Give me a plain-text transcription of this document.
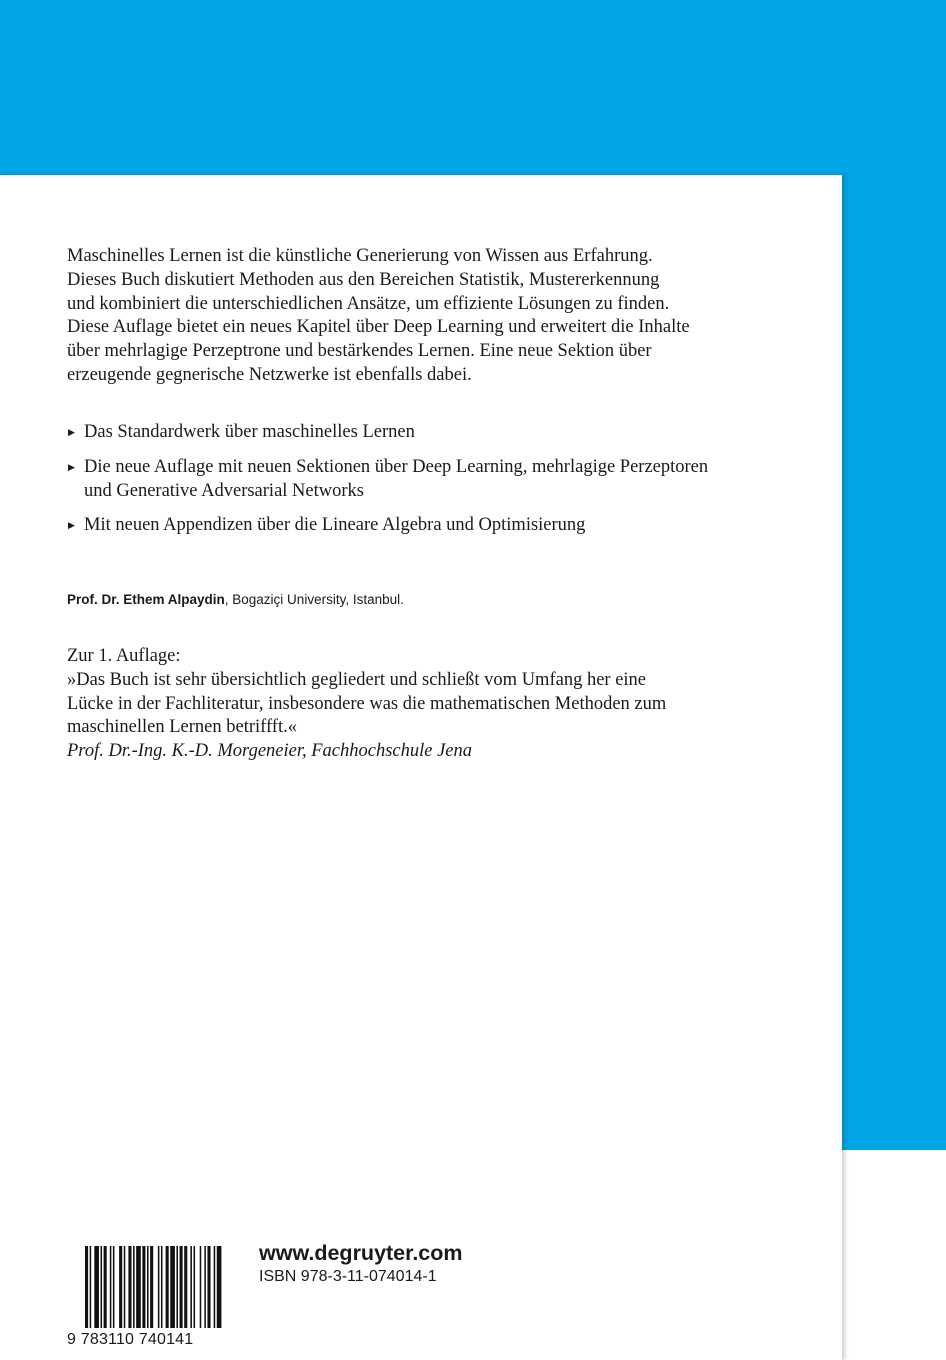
Maschinelles Lernen ist die künstliche Generierung von Wissen aus Erfahrung.

Dieses Buch diskutiert Methoden aus den Bereichen Statistik, Mustererkennung

und kombiniert die unterschiedlichen Ansätze, um effiziente Lösungen zu finden.

Diese Auflage bietet ein neues Kapitel über Deep Learning und erweitert die Inhalte

über mehrlagige Perzeptrone und bestärkendes Lernen. Eine neue Sektion über

erzeugende gegnerische Netzwerke ist ebenfalls dabei.

▶ Das Standardwerk über maschinelles Lernen
▶ Die neue Auflage mit neuen Sektionen über Deep Learning, mehrlagige Perzeptoren
und Generative Adversarial Networks
▶ Mit neuen Appendizen über die Lineare Algebra und Optimisierung
Prof. Dr. Ethem Alpaydin, Bogaziçi University, Istanbul.
Zur 1. Auflage:
»Das Buch ist sehr übersichtlich gegliedert und schließt vom Umfang her eine
Lücke in der Fachliteratur, insbesondere was die mathematischen Methoden zum
maschinellen Lernen betriffft.«
Prof. Dr.-Ing. K.-D. Morgeneier, Fachhochschule Jena
9 783110 740141
www.degruyter.com
ISBN 978-3-11-074014-1
